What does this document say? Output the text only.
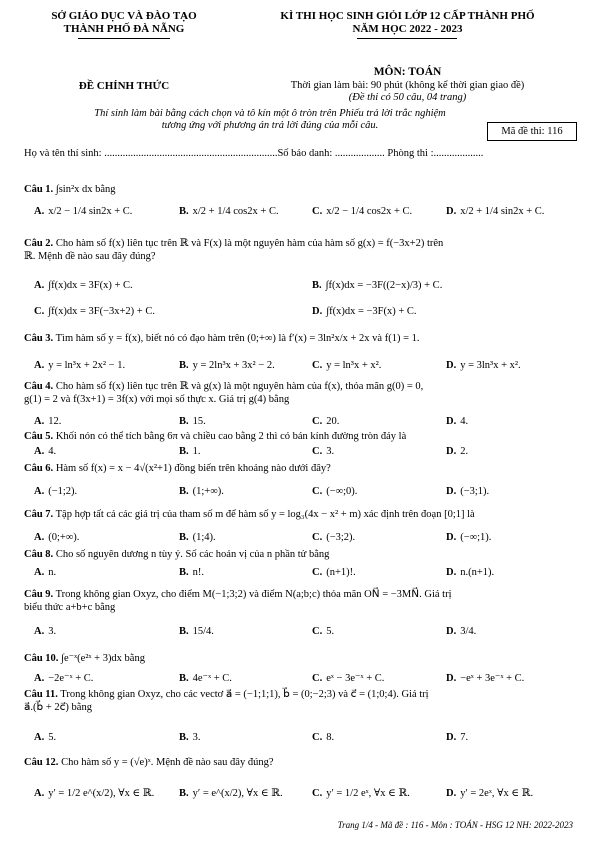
SỞ GIÁO DỤC VÀ ĐÀO TẠO
THÀNH PHỐ ĐÀ NẴNG
KÌ THI HỌC SINH GIỎI LỚP 12 CẤP THÀNH PHỐ
NĂM HỌC 2022 - 2023
MÔN: TOÁN
ĐỀ CHÍNH THỨC	Thời gian làm bài: 90 phút (không kể thời gian giao đề)
(Đề thi có 50 câu, 04 trang)
Thí sinh làm bài bằng cách chọn và tô kín một ô tròn trên Phiếu trả lời trắc nghiệm
tương ứng với phương án trả lời đúng của mỗi câu.
Mã đề thi: 116
Họ và tên thí sinh: ..................................................................Số báo danh: ................... Phòng thi :...................
Câu 1. ∫sin²x dx bằng
A. x/2 − 1/4 sin2x + C.	B. x/2 + 1/4 cos2x + C.	C. x/2 − 1/4 cos2x + C.	D. x/2 + 1/4 sin2x + C.
Câu 2. Cho hàm số f(x) liên tục trên ℝ và F(x) là một nguyên hàm của hàm số g(x) = f(−3x+2) trên
ℝ. Mệnh đề nào sau đây đúng?
A. ∫f(x)dx = 3F(x) + C.	B. ∫f(x)dx = −3F((2−x)/3) + C.
C. ∫f(x)dx = 3F(−3x+2) + C.	D. ∫f(x)dx = −3F(x) + C.
Câu 3. Tìm hàm số y = f(x), biết nó có đạo hàm trên (0;+∞) là f′(x) = 3ln²x/x + 2x và f(1) = 1.
A. y = ln³x + 2x² − 1.	B. y = 2ln³x + 3x² − 2.	C. y = ln³x + x².	D. y = 3ln³x + x².
Câu 4. Cho hàm số f(x) liên tục trên ℝ và g(x) là một nguyên hàm của f(x), thỏa mãn g(0) = 0,
g(1) = 2 và f(3x+1) = 3f(x) với mọi số thực x. Giá trị g(4) bằng
A. 12.	B. 15.	C. 20.	D. 4.
Câu 5. Khối nón có thể tích bằng 6π và chiều cao bằng 2 thì có bán kính đường tròn đáy là
A. 4.	B. 1.	C. 3.	D. 2.
Câu 6. Hàm số f(x) = x − 4√(x²+1) đồng biến trên khoảng nào dưới đây?
A. (−1;2).	B. (1;+∞).	C. (−∞;0).	D. (−3;1).
Câu 7. Tập hợp tất cả các giá trị của tham số m để hàm số y = log₃(4x − x² + m) xác định trên đoạn [0;1] là
A. (0;+∞).	B. (1;4).	C. (−3;2).	D. (−∞;1).
Câu 8. Cho số nguyên dương n tùy ý. Số các hoán vị của n phần tử bằng
A. n.	B. n!.	C. (n+1)!.	D. n.(n+1).
Câu 9. Trong không gian Oxyz, cho điểm M(−1;3;2) và điểm N(a;b;c) thỏa mãn ON⃗ = −3MN⃗. Giá trị
biểu thức a+b+c bằng
A. 3.	B. 15/4.	C. 5.	D. 3/4.
Câu 10. ∫e⁻ˣ(e²ˣ + 3)dx bằng
A. −2e⁻ˣ + C.	B. 4e⁻ˣ + C.	C. eˣ − 3e⁻ˣ + C.	D. −eˣ + 3e⁻ˣ + C.
Câu 11. Trong không gian Oxyz, cho các vectơ a⃗ = (−1;1;1), b⃗ = (0;−2;3) và c⃗ = (1;0;4). Giá trị
a⃗.(b⃗ + 2c⃗) bằng
A. 5.	B. 3.	C. 8.	D. 7.
Câu 12. Cho hàm số y = (√e)ˣ. Mệnh đề nào sau đây đúng?
A. y′ = 1/2 e^(x/2), ∀x ∈ ℝ. B. y′ = e^(x/2), ∀x ∈ ℝ.	C. y′ = 1/2 eˣ, ∀x ∈ ℝ.	D. y′ = 2eˣ, ∀x ∈ ℝ.
Trang 1/4 - Mã đề : 116 - Môn : TOÁN - HSG 12 NH: 2022-2023
